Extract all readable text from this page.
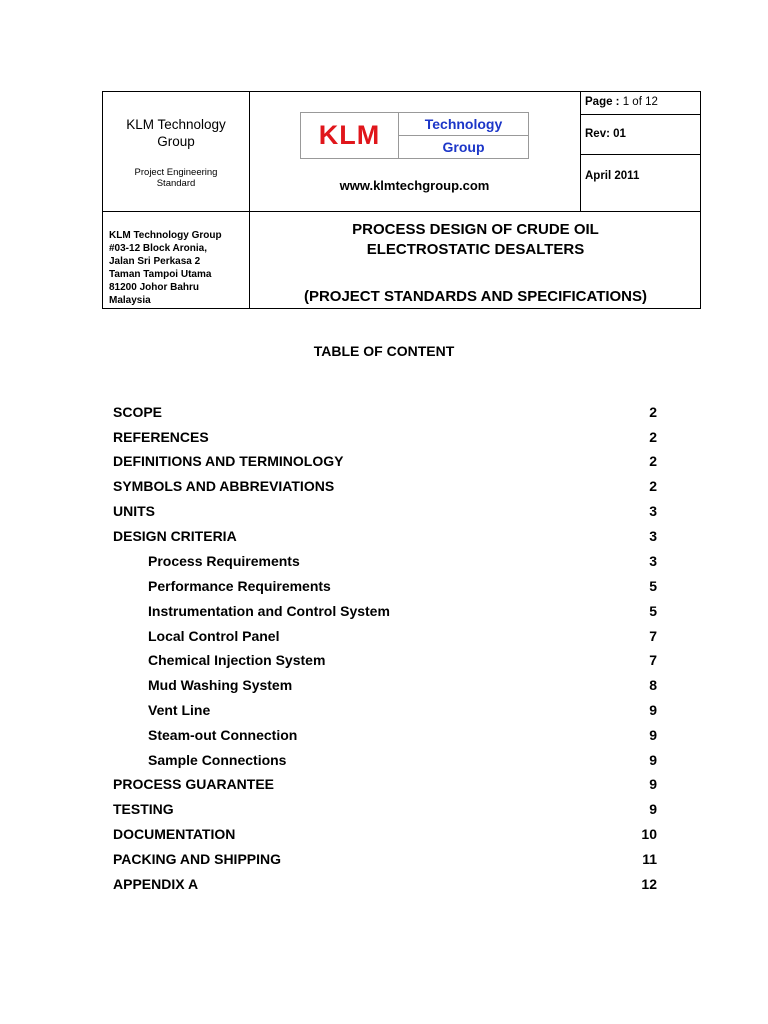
KLM Technology
Group
Project Engineering
Standard
KLM	Technology
Group
www.klmtechgroup.com
Page : 1 of 12
Rev: 01
April 2011
KLM Technology Group
#03-12 Block Aronia,
Jalan Sri Perkasa 2
Taman Tampoi Utama
81200 Johor Bahru
Malaysia
PROCESS DESIGN OF CRUDE OIL
ELECTROSTATIC DESALTERS
(PROJECT STANDARDS AND SPECIFICATIONS)
TABLE OF CONTENT
SCOPE	2
REFERENCES	2
DEFINITIONS AND TERMINOLOGY	2
SYMBOLS AND ABBREVIATIONS	2
UNITS	3
DESIGN CRITERIA	3
Process Requirements	3
Performance Requirements	5
Instrumentation and Control System	5
Local Control Panel	7
Chemical Injection System	7
Mud Washing System	8
Vent Line	9
Steam-out Connection	9
Sample Connections	9
PROCESS GUARANTEE	9
TESTING	9
DOCUMENTATION	10
PACKING AND SHIPPING	11
APPENDIX A	12
